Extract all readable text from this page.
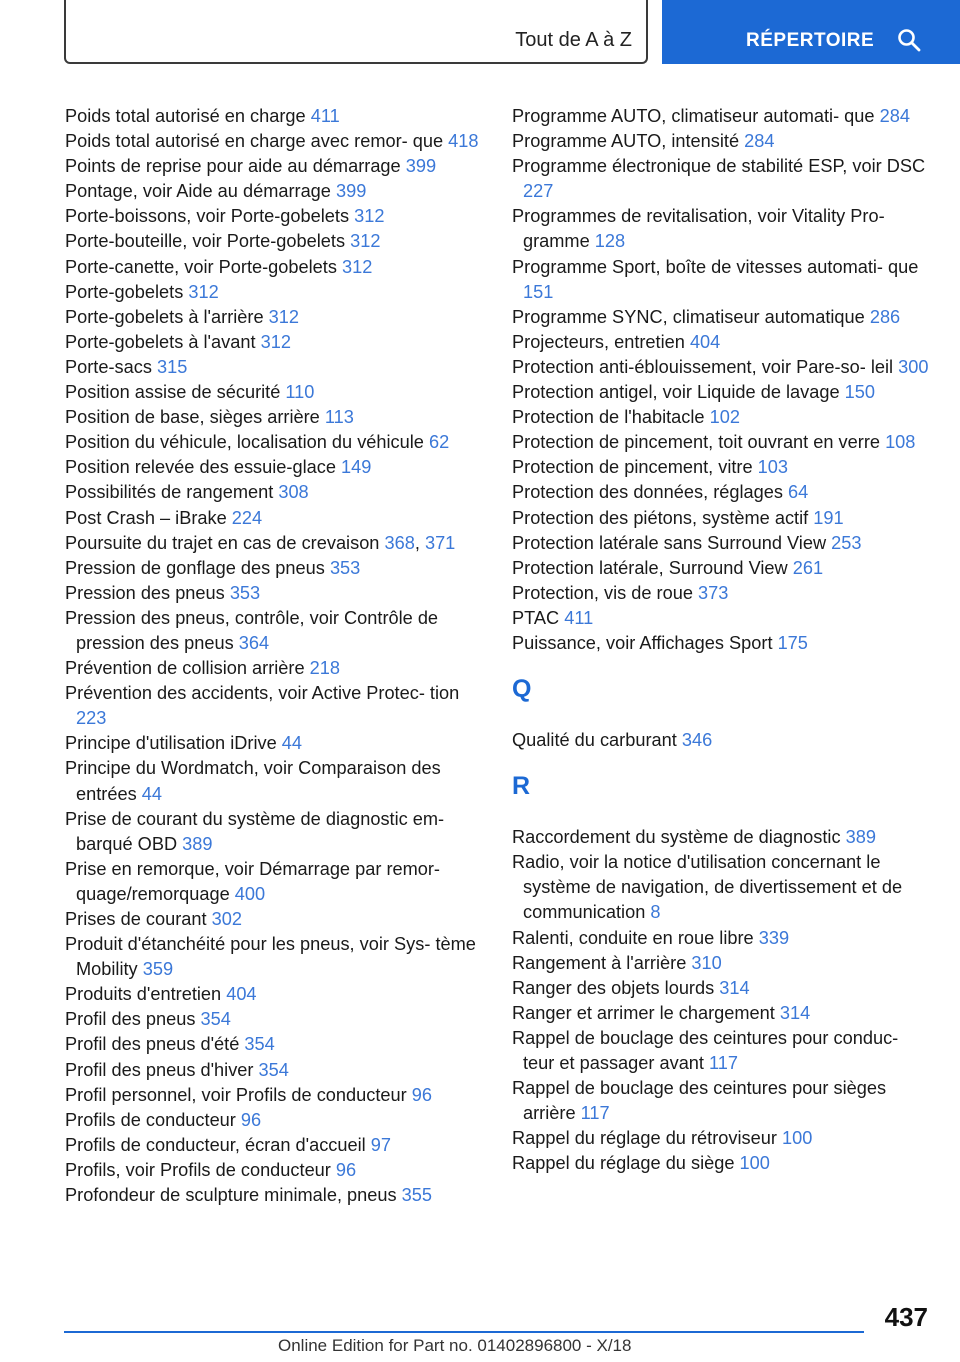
Tout de A à Z	RÉPERTOIRE
Poids total autorisé en charge 411
Poids total autorisé en charge avec remor- que 418
Points de reprise pour aide au démarrage 399
Pontage, voir Aide au démarrage 399
Porte-boissons, voir Porte-gobelets 312
Porte-bouteille, voir Porte-gobelets 312
Porte-canette, voir Porte-gobelets 312
Porte-gobelets 312
Porte-gobelets à l'arrière 312
Porte-gobelets à l'avant 312
Porte-sacs 315
Position assise de sécurité 110
Position de base, sièges arrière 113
Position du véhicule, localisation du véhicule 62
Position relevée des essuie-glace 149
Possibilités de rangement 308
Post Crash – iBrake 224
Poursuite du trajet en cas de crevaison 368, 371
Pression de gonflage des pneus 353
Pression des pneus 353
Pression des pneus, contrôle, voir Contrôle de pression des pneus 364
Prévention de collision arrière 218
Prévention des accidents, voir Active Protec- tion 223
Principe d'utilisation iDrive 44
Principe du Wordmatch, voir Comparaison des entrées 44
Prise de courant du système de diagnostic em- barqué OBD 389
Prise en remorque, voir Démarrage par remor- quage/remorquage 400
Prises de courant 302
Produit d'étanchéité pour les pneus, voir Sys- tème Mobility 359
Produits d'entretien 404
Profil des pneus 354
Profil des pneus d'été 354
Profil des pneus d'hiver 354
Profil personnel, voir Profils de conducteur 96
Profils de conducteur 96
Profils de conducteur, écran d'accueil 97
Profils, voir Profils de conducteur 96
Profondeur de sculpture minimale, pneus 355
Programme AUTO, climatiseur automati- que 284
Programme AUTO, intensité 284
Programme électronique de stabilité ESP, voir DSC 227
Programmes de revitalisation, voir Vitality Pro- gramme 128
Programme Sport, boîte de vitesses automati- que 151
Programme SYNC, climatiseur automatique 286
Projecteurs, entretien 404
Protection anti-éblouissement, voir Pare-so- leil 300
Protection antigel, voir Liquide de lavage 150
Protection de l'habitacle 102
Protection de pincement, toit ouvrant en verre 108
Protection de pincement, vitre 103
Protection des données, réglages 64
Protection des piétons, système actif 191
Protection latérale sans Surround View 253
Protection latérale, Surround View 261
Protection, vis de roue 373
PTAC 411
Puissance, voir Affichages Sport 175
Q
Qualité du carburant 346
R
Raccordement du système de diagnostic 389
Radio, voir la notice d'utilisation concernant le système de navigation, de divertissement et de communication 8
Ralenti, conduite en roue libre 339
Rangement à l'arrière 310
Ranger des objets lourds 314
Ranger et arrimer le chargement 314
Rappel de bouclage des ceintures pour conduc- teur et passager avant 117
Rappel de bouclage des ceintures pour sièges arrière 117
Rappel du réglage du rétroviseur 100
Rappel du réglage du siège 100
437
Online Edition for Part no. 01402896800 - X/18
